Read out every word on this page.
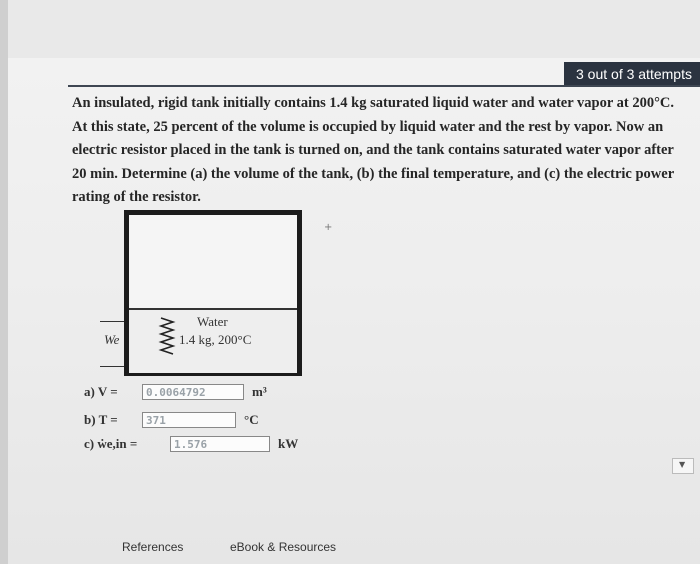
3 out of 3 attempts
An insulated, rigid tank initially contains 1.4 kg saturated liquid water and water vapor at 200°C. At this state, 25 percent of the volume is occupied by liquid water and the rest by vapor. Now an electric resistor placed in the tank is turned on, and the tank contains saturated water vapor after 20 min. Determine (a) the volume of the tank, (b) the final temperature, and (c) the electric power rating of the resistor.
+
We
Water
1.4 kg, 200°C
a) V =	0.0064792	m³
b) T =	371	°C
c) ẇe,in =	1.576	kW
▼
References	eBook & Resources
